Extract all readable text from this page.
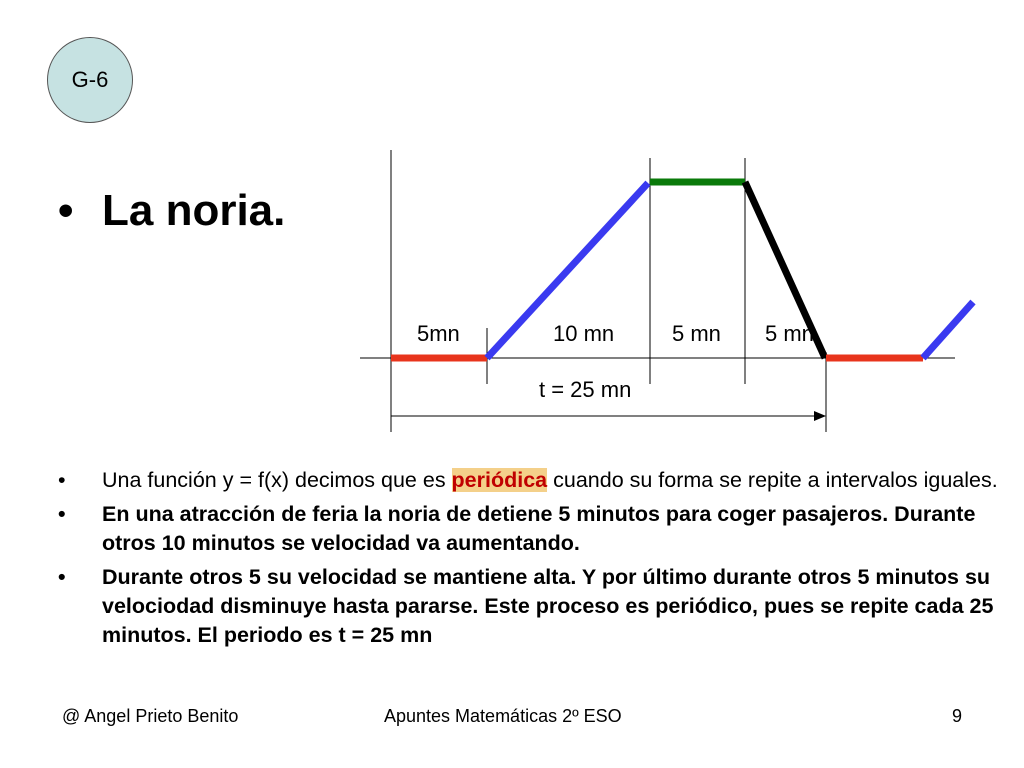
G-6
• La noria.
5mn	10 mn	5 mn 5 mn
t = 25 mn
•	Una función y = f(x) decimos que es periódica cuando su forma se repite a intervalos iguales.
•	En una atracción de feria la noria de detiene 5 minutos para coger pasajeros. Durante otros 10 minutos se velocidad va aumentando.
•	Durante otros 5 su velocidad se mantiene alta. Y por último durante otros 5 minutos su velociodad disminuye hasta pararse. Este proceso es periódico, pues se repite cada 25 minutos. El periodo es t = 25 mn
@ Angel Prieto Benito	Apuntes Matemáticas 2º ESO	9
